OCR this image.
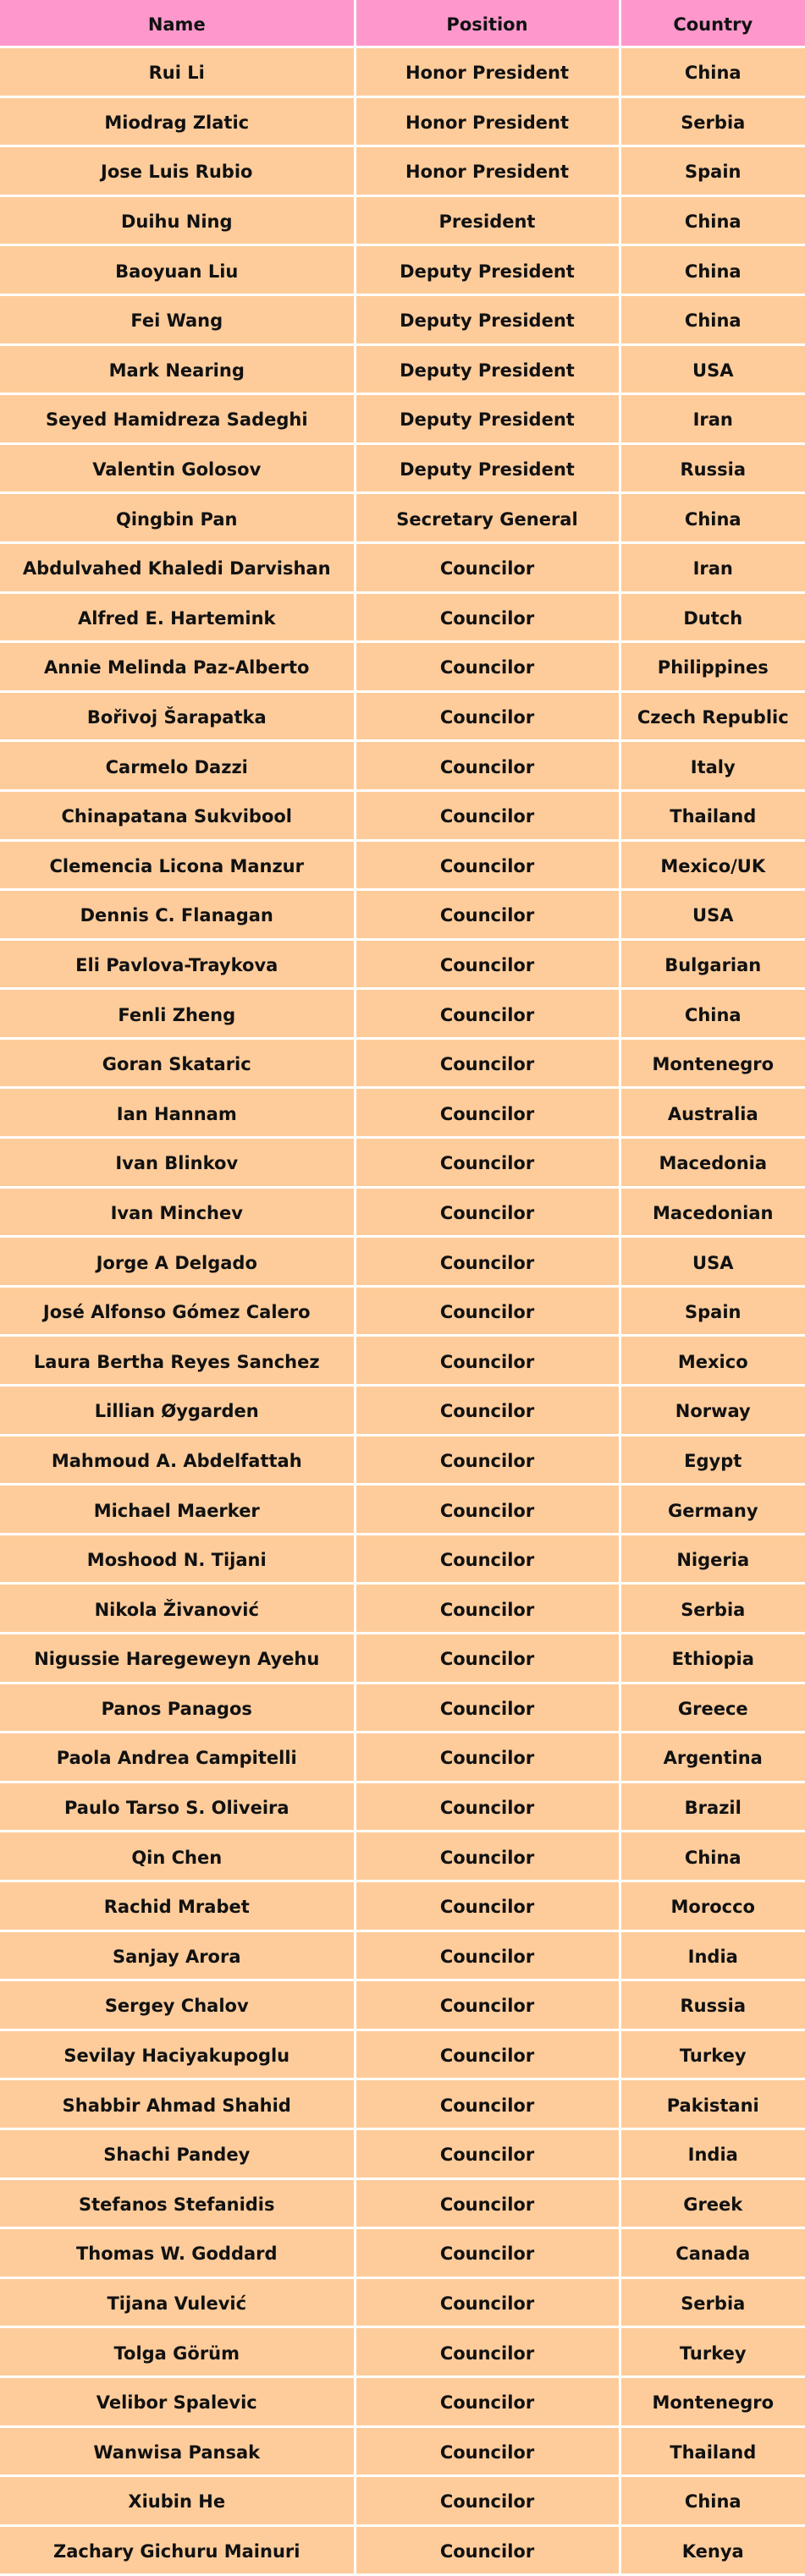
Name	Position	Country
Rui Li	Honor President	China
Miodrag Zlatic	Honor President	Serbia
Jose Luis Rubio	Honor President	Spain
Duihu Ning	President	China
Baoyuan Liu	Deputy President	China
Fei Wang	Deputy President	China
Mark Nearing	Deputy President	USA
Seyed Hamidreza Sadeghi	Deputy President	Iran
Valentin Golosov	Deputy President	Russia
Qingbin Pan	Secretary General	China
Abdulvahed Khaledi Darvishan	Councilor	Iran
Alfred E. Hartemink	Councilor	Dutch
Annie Melinda Paz-Alberto	Councilor	Philippines
Bořivoj Šarapatka	Councilor	Czech Republic
Carmelo Dazzi	Councilor	Italy
Chinapatana Sukvibool	Councilor	Thailand
Clemencia Licona Manzur	Councilor	Mexico/UK
Dennis C. Flanagan	Councilor	USA
Eli Pavlova-Traykova	Councilor	Bulgarian
Fenli Zheng	Councilor	China
Goran Skataric	Councilor	Montenegro
Ian Hannam	Councilor	Australia
Ivan Blinkov	Councilor	Macedonia
Ivan Minchev	Councilor	Macedonian
Jorge A Delgado	Councilor	USA
José Alfonso Gómez Calero	Councilor	Spain
Laura Bertha Reyes Sanchez	Councilor	Mexico
Lillian Øygarden	Councilor	Norway
Mahmoud A. Abdelfattah	Councilor	Egypt
Michael Maerker	Councilor	Germany
Moshood N. Tijani	Councilor	Nigeria
Nikola Živanović	Councilor	Serbia
Nigussie Haregeweyn Ayehu	Councilor	Ethiopia
Panos Panagos	Councilor	Greece
Paola Andrea Campitelli	Councilor	Argentina
Paulo Tarso S. Oliveira	Councilor	Brazil
Qin Chen	Councilor	China
Rachid Mrabet	Councilor	Morocco
Sanjay Arora	Councilor	India
Sergey Chalov	Councilor	Russia
Sevilay Haciyakupoglu	Councilor	Turkey
Shabbir Ahmad Shahid	Councilor	Pakistani
Shachi Pandey	Councilor	India
Stefanos Stefanidis	Councilor	Greek
Thomas W. Goddard	Councilor	Canada
Tijana Vulević	Councilor	Serbia
Tolga Görüm	Councilor	Turkey
Velibor Spalevic	Councilor	Montenegro
Wanwisa Pansak	Councilor	Thailand
Xiubin He	Councilor	China
Zachary Gichuru Mainuri	Councilor	Kenya
